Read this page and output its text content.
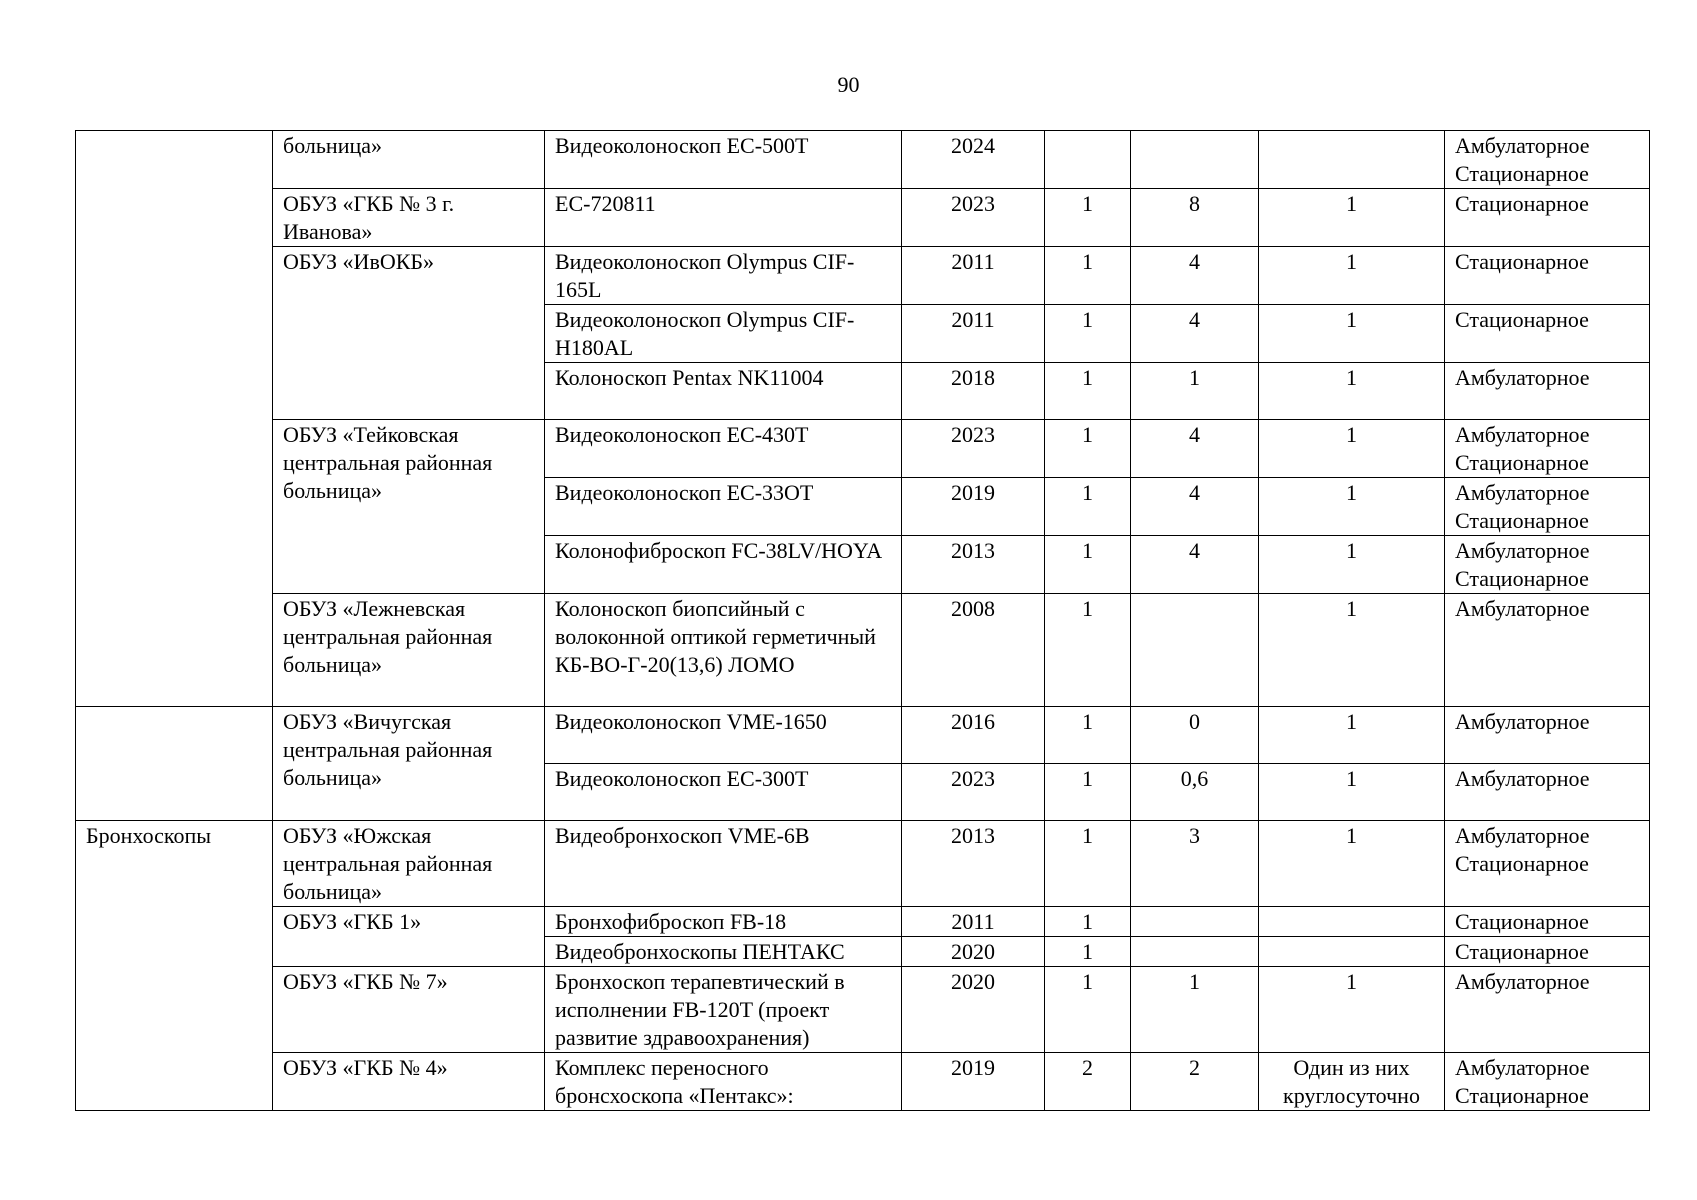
90
	больница»	Видеоколоноскоп EC-500T	2024				Амбулаторное Стационарное
	ОБУЗ «ГКБ № 3 г. Иванова»	EC-720811	2023	1	8	1	Стационарное
	ОБУЗ «ИвОКБ»	Видеоколоноскоп Olympus CIF-165L	2011	1	4	1	Стационарное
		Видеоколоноскоп Olympus CIF-H180AL	2011	1	4	1	Стационарное
		Колоноскоп Pentax NK11004	2018	1	1	1	Амбулаторное
	ОБУЗ «Тейковская центральная районная больница»	Видеоколоноскоп EC-430T	2023	1	4	1	Амбулаторное Стационарное
		Видеоколоноскоп EC-33OT	2019	1	4	1	Амбулаторное Стационарное
		Колонофиброскоп FC-38LV/HOYA	2013	1	4	1	Амбулаторное Стационарное
	ОБУЗ «Лежневская центральная районная больница»	Колоноскоп биопсийный с волоконной оптикой герметичный КБ-ВО-Г-20(13,6) ЛОМО	2008	1		1	Амбулаторное
	ОБУЗ «Вичугская центральная районная больница»	Видеоколоноскоп VME-1650	2016	1	0	1	Амбулаторное
		Видеоколоноскоп EC-300T	2023	1	0,6	1	Амбулаторное
Бронхоскопы	ОБУЗ «Южская центральная районная больница»	Видеобронхоскоп VME-6B	2013	1	3	1	Амбулаторное Стационарное
	ОБУЗ «ГКБ 1»	Бронхофиброскоп FB-18	2011	1			Стационарное
		Видеобронхоскопы ПЕНТАКС	2020	1			Стационарное
	ОБУЗ «ГКБ № 7»	Бронхоскоп терапевтический в исполнении FB-120T (проект развитие здравоохранения)	2020	1	1	1	Амбулаторное
	ОБУЗ «ГКБ № 4»	Комплекс переносного бронсхоскопа «Пентакс»:	2019	2	2	Один из них круглосуточно	Амбулаторное Стационарное
